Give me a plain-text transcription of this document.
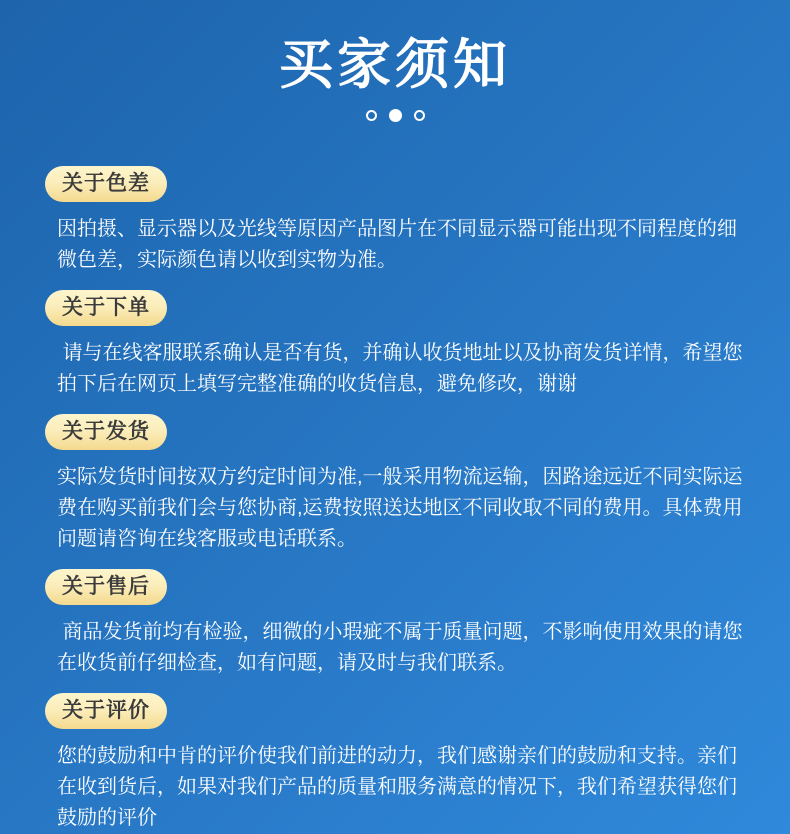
买家须知
关于色差

因拍摄、显示器以及光线等原因产品图片在不同显示器可能出现不同程度的细微色差，实际颜色请以收到实物为准。

关于下单

请与在线客服联系确认是否有货，并确认收货地址以及协商发货详情，希望您拍下后在网页上填写完整准确的收货信息，避免修改，谢谢

关于发货

实际发货时间按双方约定时间为准,一般采用物流运输，因路途远近不同实际运费在购买前我们会与您协商,运费按照送达地区不同收取不同的费用。具体费用问题请咨询在线客服或电话联系。

关于售后

商品发货前均有检验，细微的小瑕疵不属于质量问题，不影响使用效果的请您在收货前仔细检查，如有问题，请及时与我们联系。

关于评价

您的鼓励和中肯的评价使我们前进的动力，我们感谢亲们的鼓励和支持。亲们在收到货后，如果对我们产品的质量和服务满意的情况下，我们希望获得您们鼓励的评价
